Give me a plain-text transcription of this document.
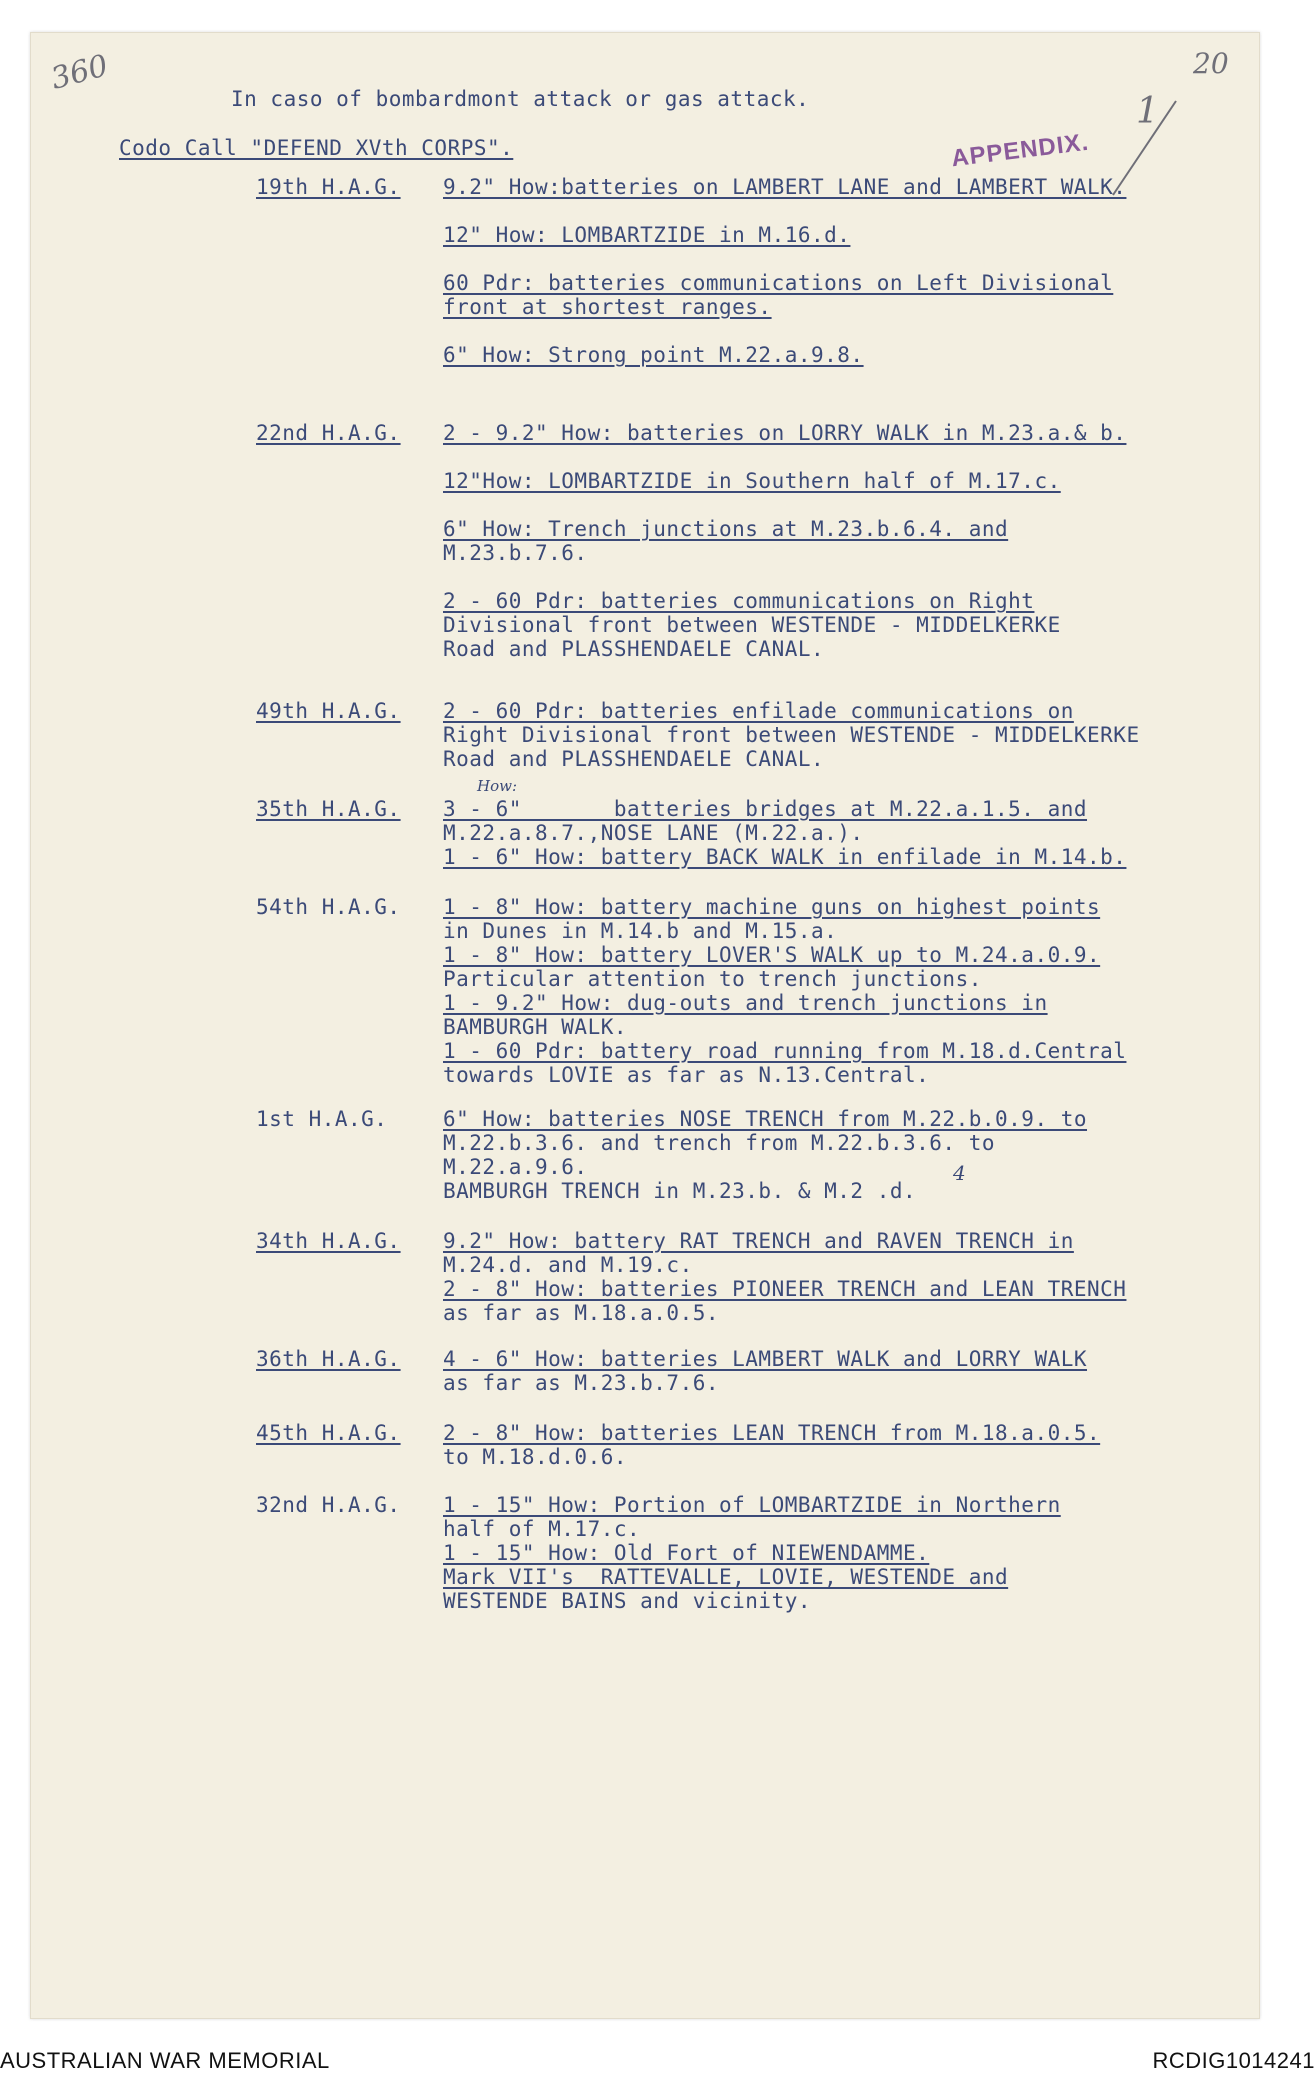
360	20
APPENDIX.
1
In caso of bombardmont attack or gas attack.
Codo Call "DEFEND XVth CORPS".
19th H.A.G. 9.2" How:batteries on LAMBERT LANE and LAMBERT WALK.
12" How: LOMBARTZIDE in M.16.d.
60 Pdr: batteries communications on Left Divisional
front at shortest ranges.
6" How: Strong point M.22.a.9.8.
22nd H.A.G. 2 - 9.2" How: batteries on LORRY WALK in M.23.a.& b.
12"How: LOMBARTZIDE in Southern half of M.17.c.
6" How: Trench junctions at M.23.b.6.4. and
M.23.b.7.6.
2 - 60 Pdr: batteries communications on Right
Divisional front between WESTENDE - MIDDELKERKE
Road and PLASSHENDAELE CANAL.
49th H.A.G. 2 - 60 Pdr: batteries enfilade communications on
Right Divisional front between WESTENDE - MIDDELKERKE
Road and PLASSHENDAELE CANAL.
35th H.A.G. 3 - 6"       batteries bridges at M.22.a.1.5. and
M.22.a.8.7.,NOSE LANE (M.22.a.).
1 - 6" How: battery BACK WALK in enfilade in M.14.b.
54th H.A.G. 1 - 8" How: battery machine guns on highest points
in Dunes in M.14.b and M.15.a.
1 - 8" How: battery LOVER'S WALK up to M.24.a.0.9.
Particular attention to trench junctions.
1 - 9.2" How: dug-outs and trench junctions in
BAMBURGH WALK.
1 - 60 Pdr: battery road running from M.18.d.Central
towards LOVIE as far as N.13.Central.
1st H.A.G.	6" How: batteries NOSE TRENCH from M.22.b.0.9. to
M.22.b.3.6. and trench from M.22.b.3.6. to
M.22.a.9.6.
BAMBURGH TRENCH in M.23.b. & M.2 .d.
34th H.A.G. 9.2" How: battery RAT TRENCH and RAVEN TRENCH in
M.24.d. and M.19.c.
2 - 8" How: batteries PIONEER TRENCH and LEAN TRENCH
as far as M.18.a.0.5.
36th H.A.G. 4 - 6" How: batteries LAMBERT WALK and LORRY WALK
as far as M.23.b.7.6.
45th H.A.G. 2 - 8" How: batteries LEAN TRENCH from M.18.a.0.5.
to M.18.d.0.6.
32nd H.A.G. 1 - 15" How: Portion of LOMBARTZIDE in Northern
half of M.17.c.
1 - 15" How: Old Fort of NIEWENDAMME.
Mark VII's  RATTEVALLE, LOVIE, WESTENDE and
WESTENDE BAINS and vicinity.
How:
4
AUSTRALIAN WAR MEMORIAL	RCDIG1014241
